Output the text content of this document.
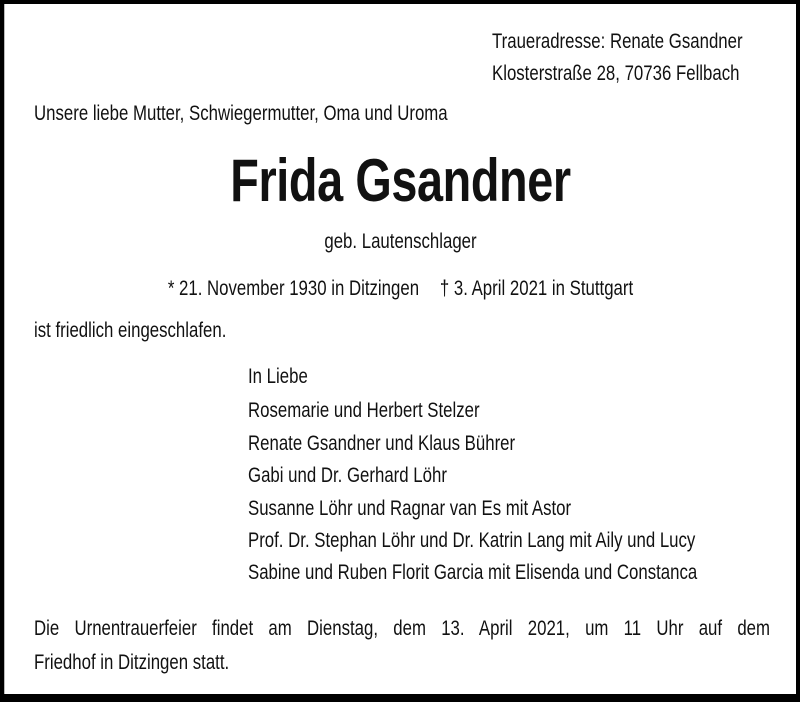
Traueradresse: Renate Gsandner
Klosterstraße 28, 70736 Fellbach
Unsere liebe Mutter, Schwiegermutter, Oma und Uroma
Frida Gsandner
geb. Lautenschlager
* 21. November 1930 in Ditzingen † 3. April 2021 in Stuttgart
ist friedlich eingeschlafen.
In Liebe
Rosemarie und Herbert Stelzer
Renate Gsandner und Klaus Bührer
Gabi und Dr. Gerhard Löhr
Susanne Löhr und Ragnar van Es mit Astor
Prof. Dr. Stephan Löhr und Dr. Katrin Lang mit Aily und Lucy
Sabine und Ruben Florit Garcia mit Elisenda und Constanca
Die Urnentrauerfeier findet am Dienstag, dem 13. April 2021, um 11 Uhr auf dem
Friedhof in Ditzingen statt.
